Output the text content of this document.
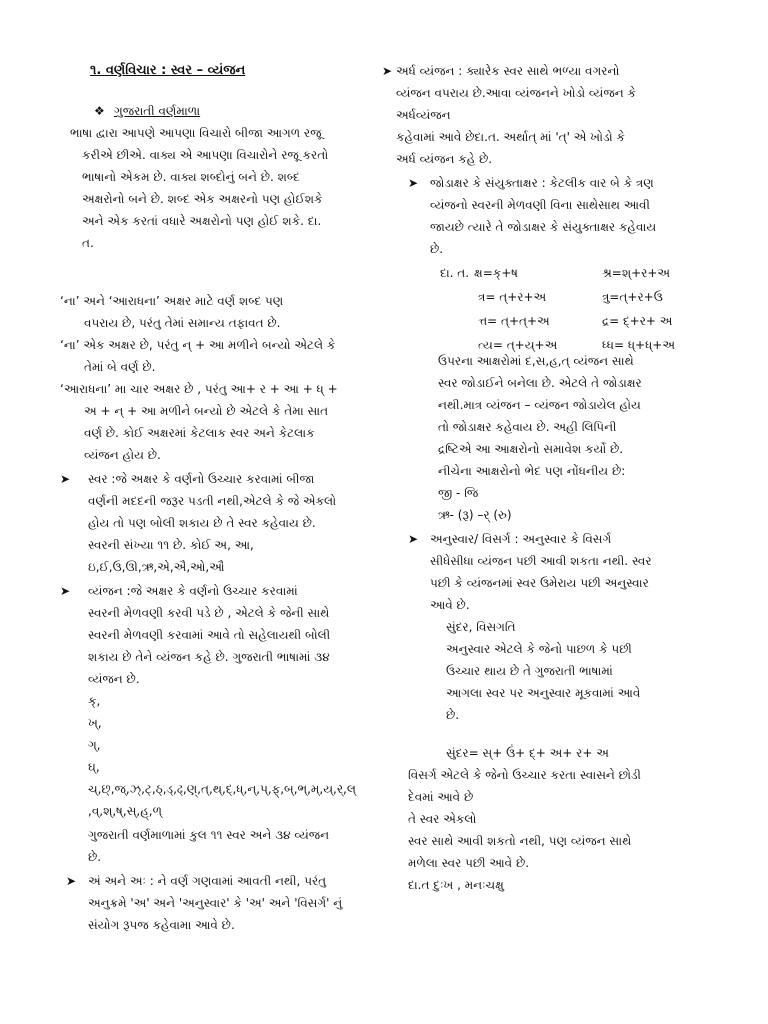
૧. વર્ણવિચાર : સ્વર – વ્યંજન
❖ ગુજરાતી વર્ણમાળા
ભાષા દ્વારા આપણે આપણા વિચારો બીજા આગળ રજૂ
કરીએ છીએ. વાક્ય એ આપણા વિચારોને રજૂ કરતો
ભાષાનો એકમ છે. વાક્ય શબ્દોનું બને છે. શબ્દ
અક્ષરોનો બને છે. શબ્દ એક અક્ષરનો પણ હોઈશકે
અને એક કરતાં વધારે અક્ષરોનો પણ હોઈ શકે. દા.
ત.
‘ના’ અને ‘આરાધના’ અક્ષર માટે વર્ણ શબ્દ પણ
વપરાય છે, પરંતુ તેમાં સમાન્ય તફાવત છે.
‘ના’ એક અક્ષર છે, પરંતુ ન્ + આ મળીને બન્યો એટલે કે
તેમાં બે વર્ણ છે.
‘આરાધના’ મા ચાર અક્ષર છે , પરંતુ આ+ ર + આ + ધ્ +
અ + ન્ + આ મળીને બન્યો છે એટલે કે તેમા સાત
વર્ણ છે. કોઈ અક્ષરમાં કેટલાક સ્વર અને કેટલાક
વ્યંજન હોય છે.
➤ સ્વર :જે અક્ષર કે વર્ણનો ઉચ્ચાર કરવામાં બીજા
વર્ણની મદદની જરૂર પડતી નથી,એટલે કે જે એકલો
હોય તો પણ બોલી શકાય છે તે સ્વર કહેવાય છે.
સ્વરની સંખ્યા ૧૧ છે. કોઈ અ, આ,
ઇ,ઈ,ઉ,ઊ,ઋ,એ,ઐ,ઓ,ઔ
➤ વ્યંજન :જે અક્ષર કે વર્ણનો ઉચ્ચાર કરવામાં
સ્વરની મેળવણી કરવી પડે છે , એટલે કે જેની સાથે
સ્વરની મેળવણી કરવામાં આવે તો સહેલાયથી બોલી
શકાય છે તેને વ્યંજન કહે છે. ગુજરાતી ભાષામાં ૩૪
વ્યંજન છે.
ક્,
ખ્,
ગ્,
ઘ્,
ચ્,છ્,જ્,ઝ્,ટ્,ઠ્,ડ્,ઢ્,ણ્,ત્,થ્,દ્,ધ્,ન્,પ્,ફ્,બ્,ભ્,મ્,ય્,ર્,લ્
,વ્,શ્,ષ્,સ્,હ્,ળ્
ગુજરાતી વર્ણમાળામાં કુલ ૧૧ સ્વર અને ૩૪ વ્યંજન
છે.
➤ અં અને અઃ : ને વર્ણ ગણવામાં આવતી નથી, પરંતુ
અનુક્રમે 'અ' અને 'અનુસ્વાર' કે 'અ' અને 'વિસર્ગ' નું
સંયોગ રૂપજ કહેવામા આવે છે.
➤ અર્ધ વ્યંજન : ક્યારેક સ્વર સાથે ભળ્યા વગરનો
વ્યંજન વપરાય છે.આવા વ્યંજનને ખોડો વ્યંજન કે
અર્ધવ્યંજન
કહેવામાં આવે છેદા.ત. અર્થાત્ માં 'ત્' એ ખોડો કે
અર્ધ વ્યંજન કહે છે.
➤ જોડાક્ષર કે સંયુક્તાક્ષર : કેટલીક વાર બે કે ત્રણ
વ્યંજનો સ્વરની મેળવણી વિના સાથેસાથ આવી
જાયછે ત્યારે તે જોડાક્ષર કે સંયુક્તાક્ષર કહેવાય
છે.
દા. ત. ક્ષ=ક્+ષ	શ્ર=શ્+ર+અ
ત્ર= ત્+ર+અ	ત્રુ=ત્+ર+ઉ
ત્ત= ત્+ત્+અ	દ્ર= દ્+ર+ અ
ત્ય= ત્+ય્+અ	ધ્ધ= ધ્+ધ્+અ
ઉપરના આક્ષરોમાં દ,સ,હ,ત્ વ્યંજન સાથે
સ્વર જોડાઈને બનેલા છે. એટલે તે જોડાક્ષર
નથી.માત્ર વ્યંજન – વ્યંજન જોડાયેલ હોય
તો જોડાક્ષર કહેવાય છે. અહી લિપિની
દ્રષ્ટિએ આ આક્ષરોનો સમાવેશ કર્યો છે.
નીચેના આક્ષરોનો ભેદ પણ નોંધનીય છે:
જી - જિ
ઋ- (રૂ) –ર્ (રુ)
➤ અનુસ્વાર/ વિસર્ગ : અનુસ્વાર કે વિસર્ગ
સીધેસીધા વ્યંજન પછી આવી શકતા નથી. સ્વર
પછી કે વ્યંજનમાં સ્વર ઉમેરાય પછી અનુસ્વાર
આવે છે.
સુંદર, વિસગતિ
અનુસ્વાર એટલે કે જેનો પાછળ કે પછી
ઉચ્ચાર થાય છે તે ગુજરાતી ભાષામાં
આગલા સ્વર પર અનુસ્વાર મૂકવામાં આવે
છે.
સુંદર= સ્+ ઉં+ દ્+ અ+ ર+ અ
વિસર્ગ એટલે કે જેનો ઉચ્ચાર કરતા સ્વાસને છોડી
દેવમાં આવે છે
તે સ્વર એકલો
સ્વર સાથે આવી શકતો નથી, પણ વ્યંજન સાથે
મળેલા સ્વર પછી આવે છે.
દા.ત દુઃખ , મનઃચક્ષુ
